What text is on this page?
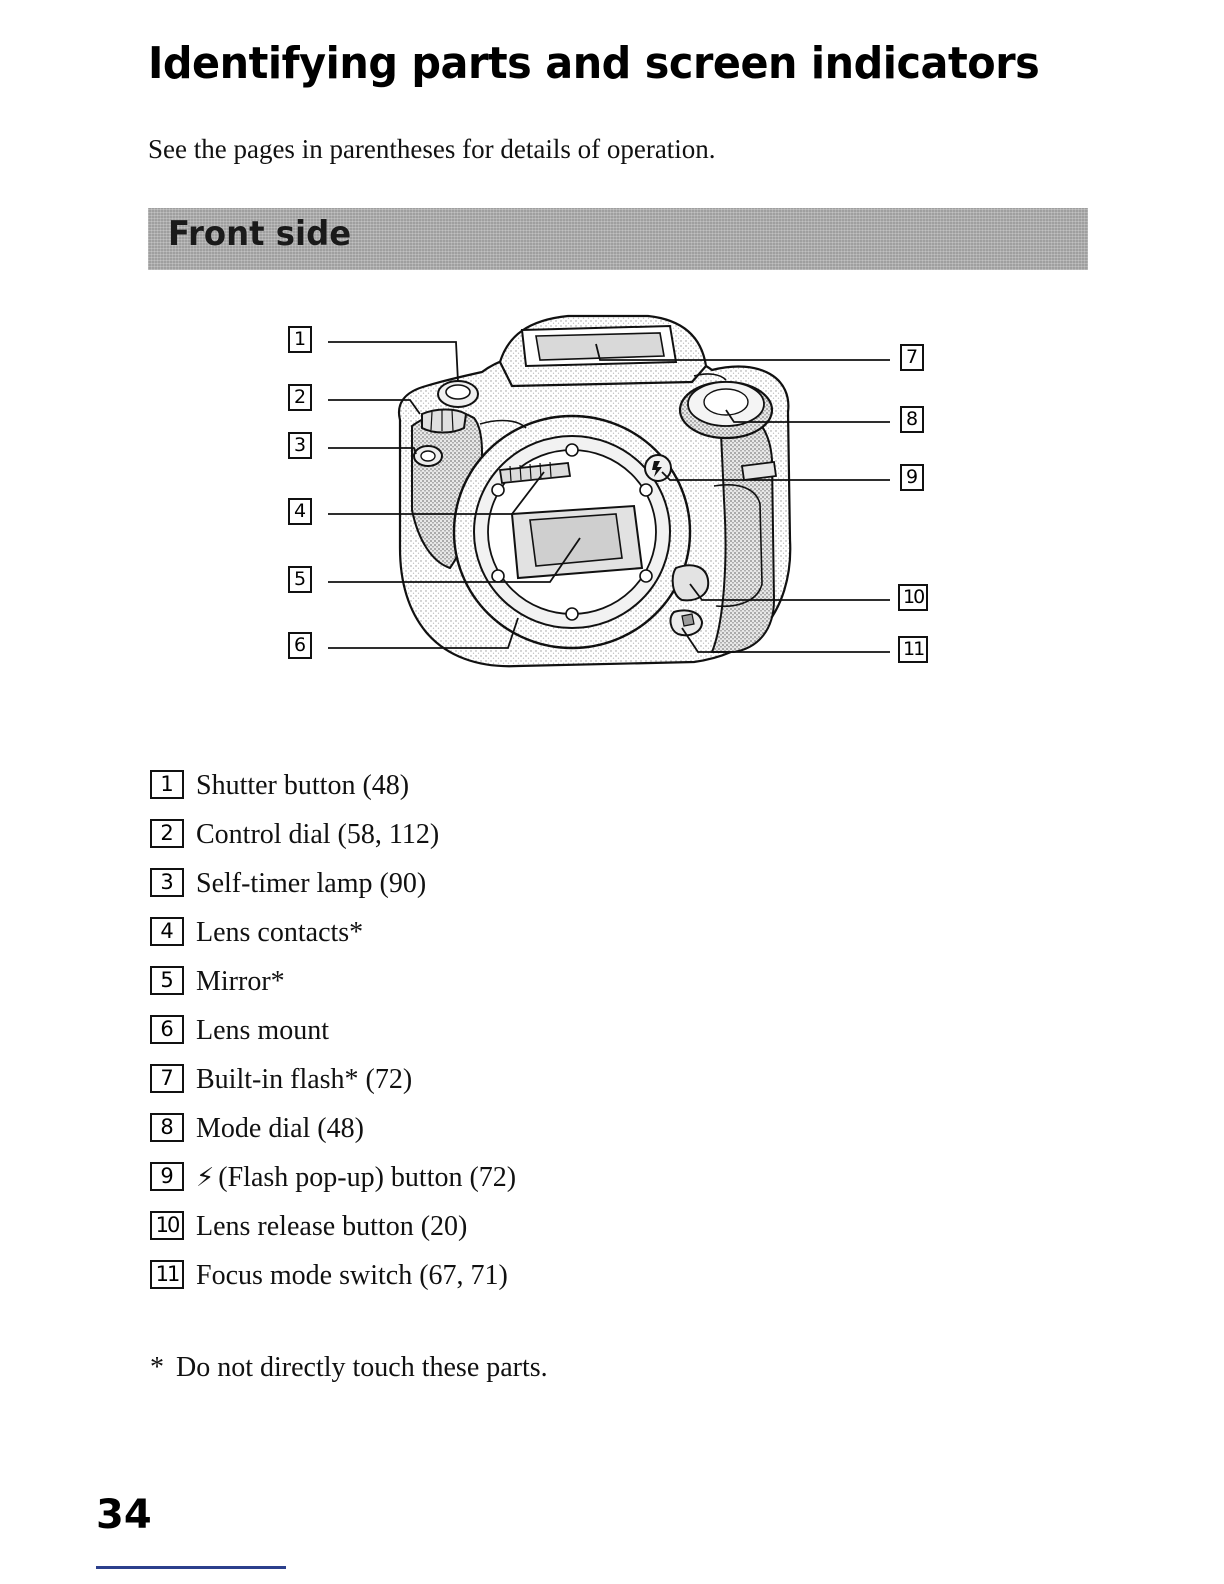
Identifying parts and screen indicators
See the pages in parentheses for details of operation.
Front side
1
2
3
4
5
6
7
8
9
10
11
1 Shutter button (48)
2 Control dial (58, 112)
3 Self-timer lamp (90)
4 Lens contacts*
5 Mirror*
6 Lens mount
7 Built-in flash* (72)
8 Mode dial (48)
9 ⚡ (Flash pop-up) button (72)
10 Lens release button (20)
11 Focus mode switch (67, 71)
* Do not directly touch these parts.
34
